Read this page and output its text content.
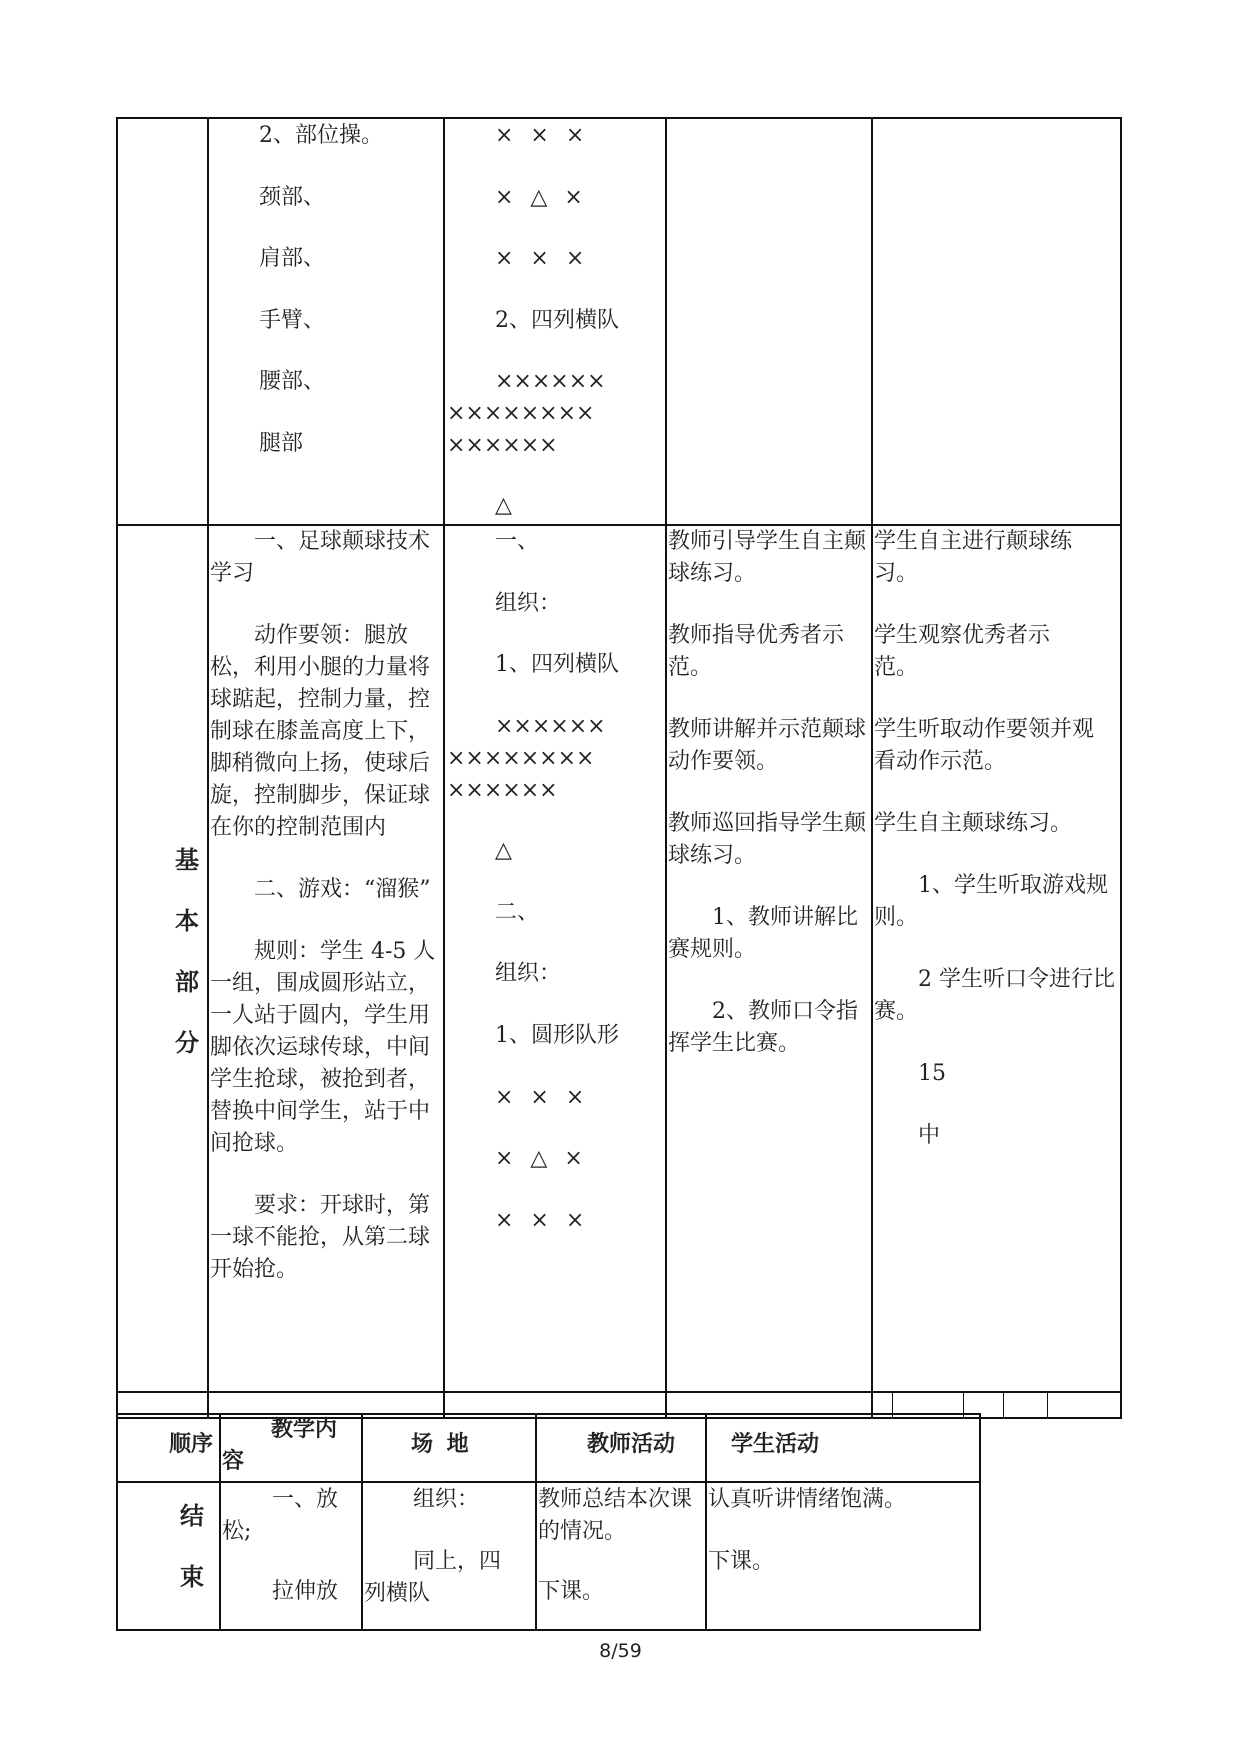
2、部位操。
颈部、
肩部、
手臂、
腰部、
腿部
× × ×
× △ ×
× × ×
2、四列横队
××××××
××××××××
××××××
△
基
本
部
分

一、足球颠球技术学习

动作要领：腿放松，利用小腿的力量将球踮起，控制力量，控制球在膝盖高度上下，脚稍微向上扬，使球后旋，控制脚步，保证球在你的控制范围内

二、游戏：“溜猴”

规则：学生 4-5 人一组，围成圆形站立，一人站于圆内，学生用脚依次运球传球，中间学生抢球，被抢到者，替换中间学生，站于中间抢球。

要求：开球时，第一球不能抢，从第二球开始抢。

一、
组织：
1、四列横队
××××××
××××××××
××××××
△
二、
组织：
1、圆形队形
× × ×
× △ ×
× × ×

教师引导学生自主颠球练习。

教师指导优秀者示范。

教师讲解并示范颠球动作要领。

教师巡回指导学生颠球练习。

1、教师讲解比赛规则。

2、教师口令指挥学生比赛。

学生自主进行颠球练习。

学生观察优秀者示范。

学生听取动作要领并观看动作示范。

学生自主颠球练习。

1、学生听取游戏规则。

2 学生听口令进行比赛。

15

中

顺序
教学内
容
场 地	教师活动	学生活动
结
束
一、放
松;
拉伸放
组织：
同上，四
列横队

教师总结本次课的情况。

下课。

认真听讲情绪饱满。

下课。

8/59
